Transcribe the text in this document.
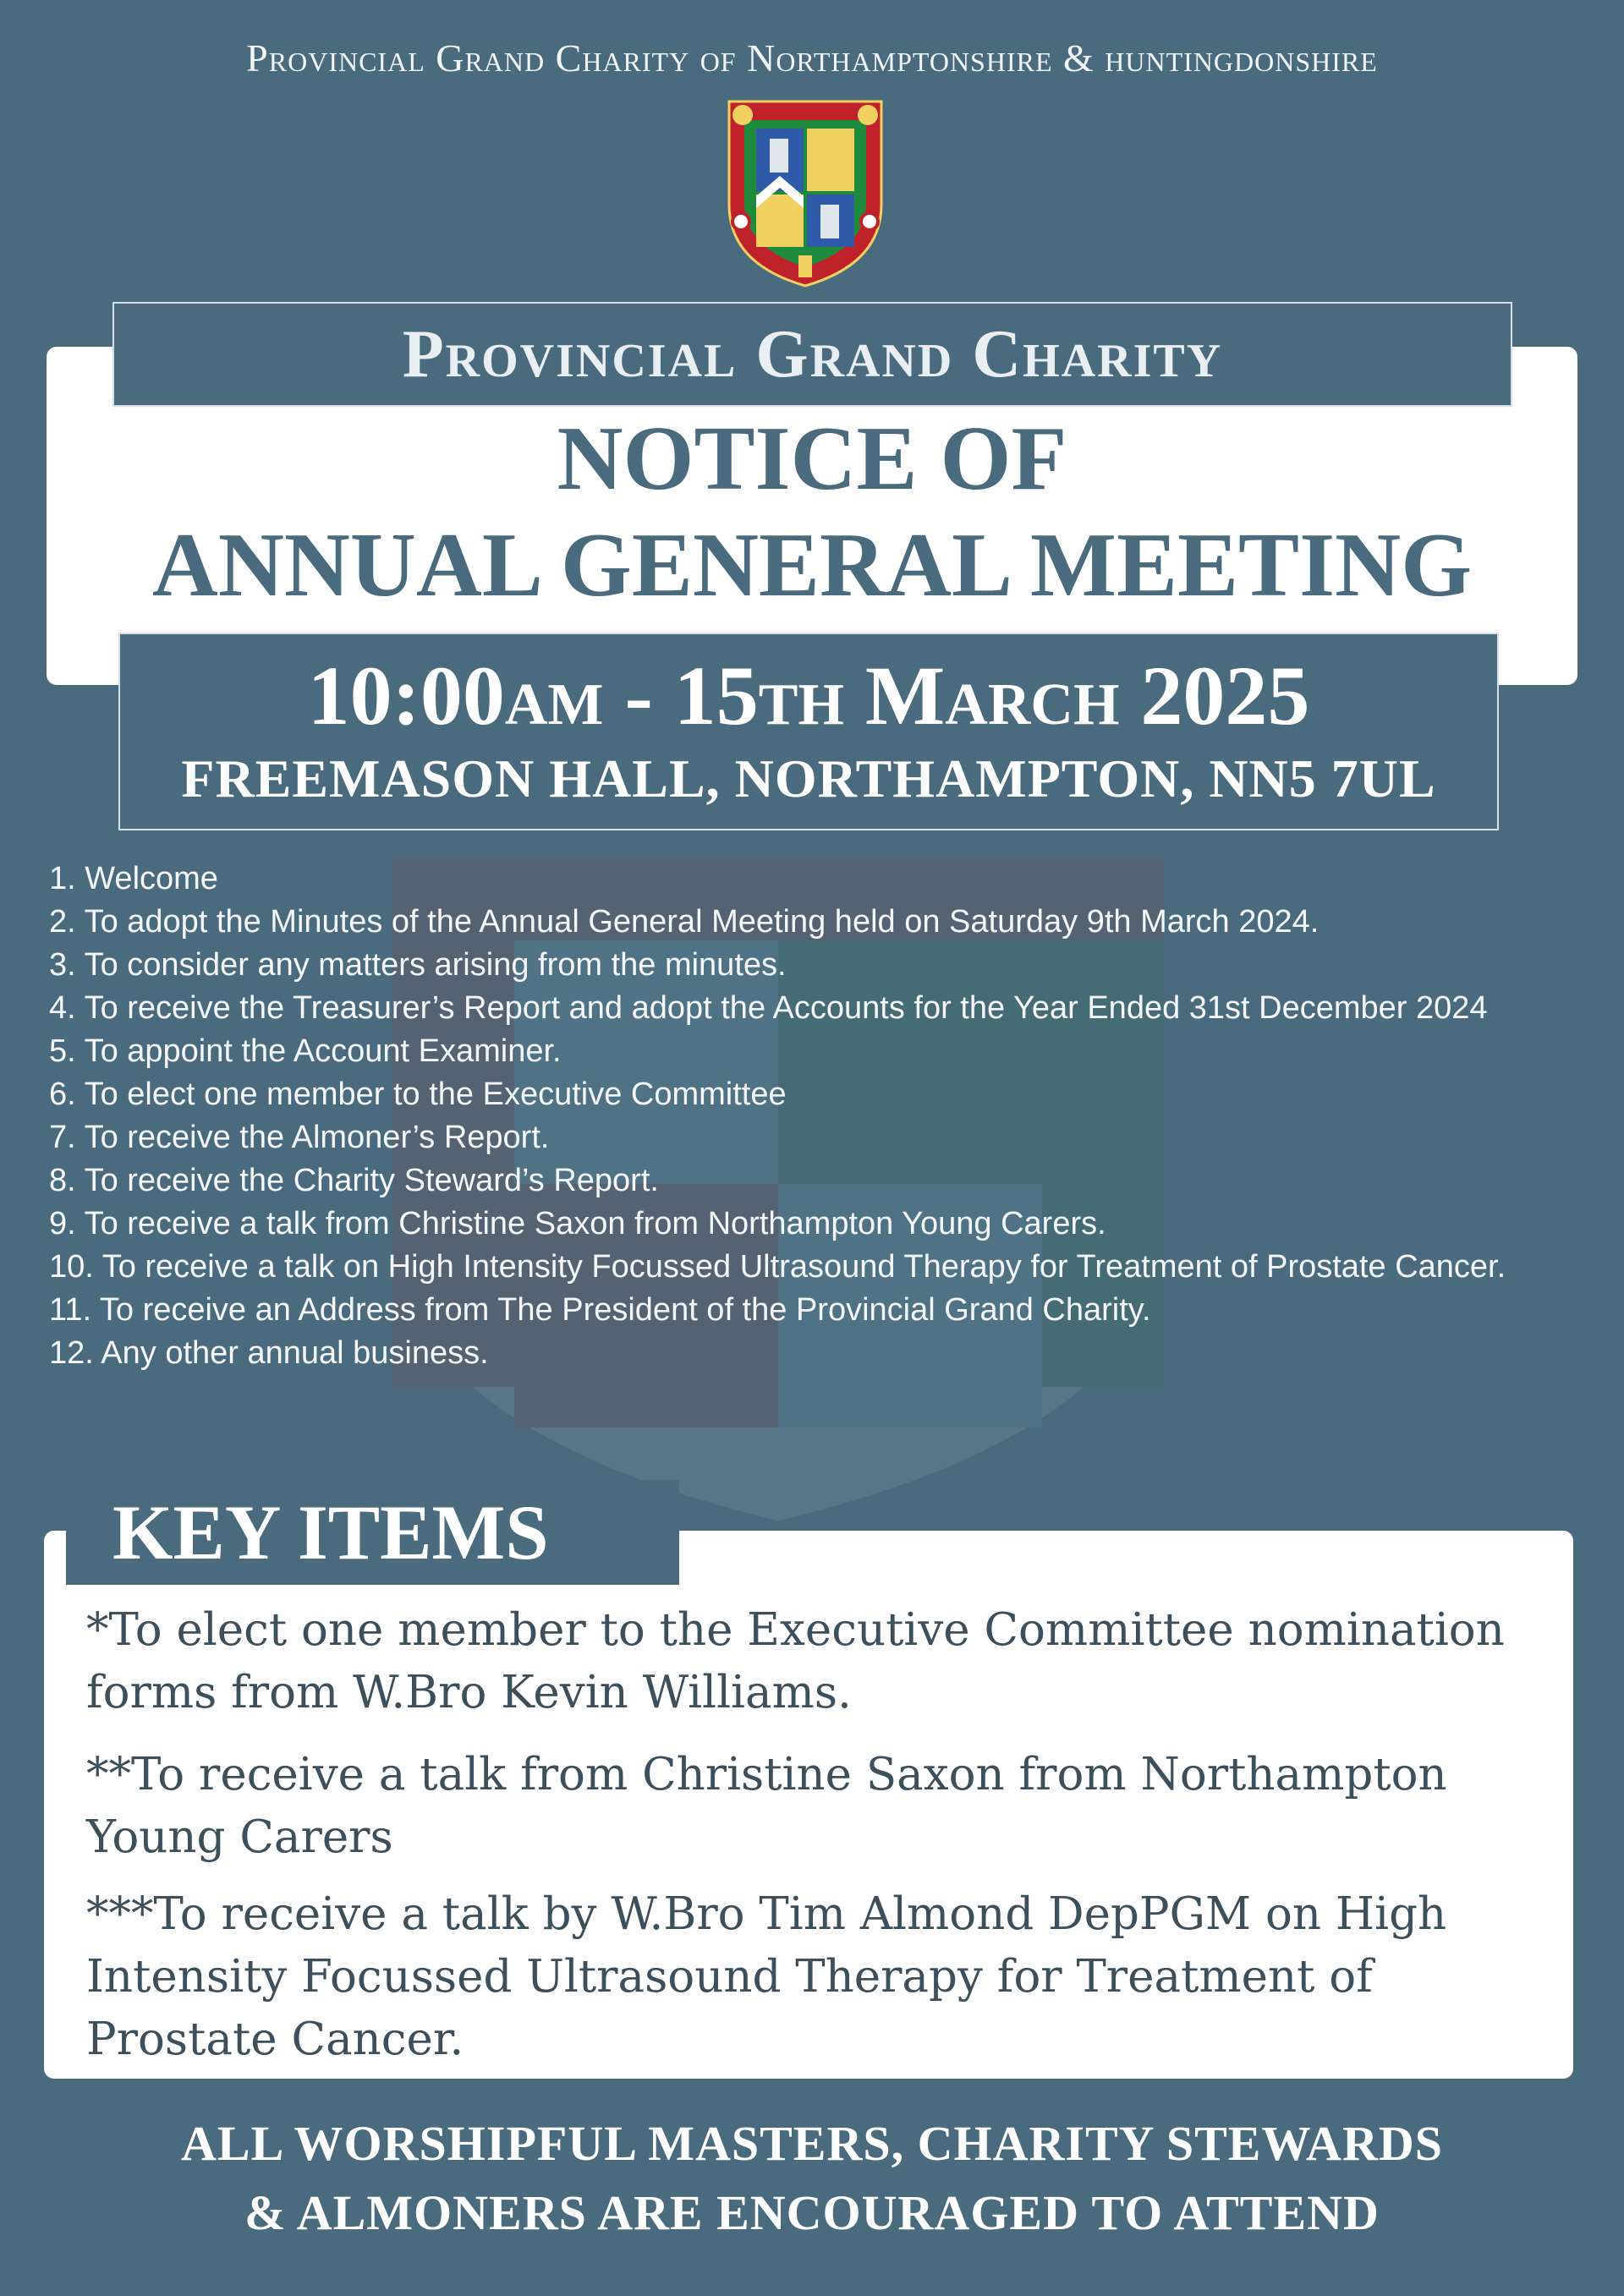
Provincial Grand Charity of Northamptonshire & huntingdonshire
Provincial Grand Charity
NOTICE OF
ANNUAL GENERAL MEETING
10:00am - 15th March 2025
FREEMASON HALL, NORTHAMPTON, NN5 7UL
1. Welcome
2. To adopt the Minutes of the Annual General Meeting held on Saturday 9th March 2024.
3. To consider any matters arising from the minutes.
4. To receive the Treasurer’s Report and adopt the Accounts for the Year Ended 31st December 2024
5. To appoint the Account Examiner.
6. To elect one member to the Executive Committee
7. To receive the Almoner’s Report.
8. To receive the Charity Steward’s Report.
9. To receive a talk from Christine Saxon from Northampton Young Carers.
10. To receive a talk on High Intensity Focussed Ultrasound Therapy for Treatment of Prostate Cancer.
11. To receive an Address from The President of the Provincial Grand Charity.
12. Any other annual business.
KEY ITEMS
*To elect one member to the Executive Committee nomination forms from W.Bro Kevin Williams.
**To receive a talk from Christine Saxon from Northampton Young Carers
***To receive a talk by W.Bro Tim Almond DepPGM on High Intensity Focussed Ultrasound Therapy for Treatment of Prostate Cancer.
ALL WORSHIPFUL MASTERS, CHARITY STEWARDS
& ALMONERS ARE ENCOURAGED TO ATTEND
